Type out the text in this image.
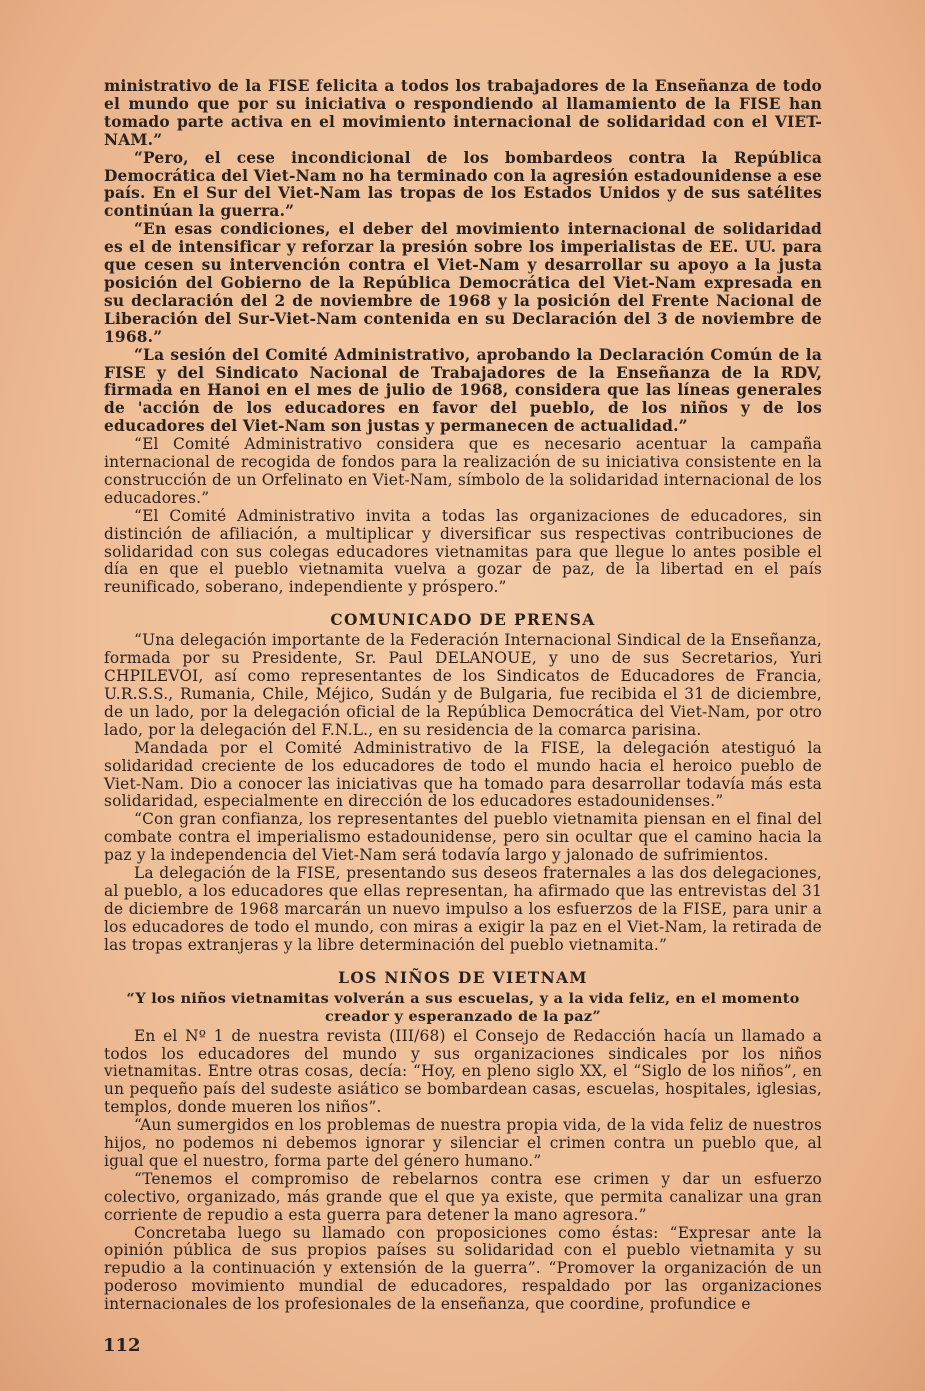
ministrativo de la FISE felicita a todos los trabajadores de la Enseñanza de todo el mundo que por su iniciativa o respondiendo al llamamiento de la FISE han tomado parte activa en el movimiento internacional de solidaridad con el VIET-NAM.”

“Pero, el cese incondicional de los bombardeos contra la República Democrática del Viet-Nam no ha terminado con la agresión estadounidense a ese país. En el Sur del Viet-Nam las tropas de los Estados Unidos y de sus satélites continúan la guerra.”

“En esas condiciones, el deber del movimiento internacional de solidaridad es el de intensificar y reforzar la presión sobre los imperialistas de EE. UU. para que cesen su intervención contra el Viet-Nam y desarrollar su apoyo a la justa posición del Gobierno de la República Democrática del Viet-Nam expresada en su declaración del 2 de noviembre de 1968 y la posición del Frente Nacional de Liberación del Sur-Viet-Nam contenida en su Declaración del 3 de noviembre de 1968.”

“La sesión del Comité Administrativo, aprobando la Declaración Común de la FISE y del Sindicato Nacional de Trabajadores de la Enseñanza de la RDV, firmada en Hanoi en el mes de julio de 1968, considera que las líneas generales de 'acción de los educadores en favor del pueblo, de los niños y de los educadores del Viet-Nam son justas y permanecen de actualidad.”

“El Comité Administrativo considera que es necesario acentuar la campaña internacional de recogida de fondos para la realización de su iniciativa consistente en la construcción de un Orfelinato en Viet-Nam, símbolo de la solidaridad internacional de los educadores.”

“El Comité Administrativo invita a todas las organizaciones de educadores, sin distinción de afiliación, a multiplicar y diversificar sus respectivas contribuciones de solidaridad con sus colegas educadores vietnamitas para que llegue lo antes posible el día en que el pueblo vietnamita vuelva a gozar de paz, de la libertad en el país reunificado, soberano, independiente y próspero.”

COMUNICADO DE PRENSA

“Una delegación importante de la Federación Internacional Sindical de la Enseñanza, formada por su Presidente, Sr. Paul DELANOUE, y uno de sus Secretarios, Yuri CHPILEVOI, así como representantes de los Sindicatos de Educadores de Francia, U.R.S.S., Rumania, Chile, Méjico, Sudán y de Bulgaria, fue recibida el 31 de diciembre, de un lado, por la delegación oficial de la República Democrática del Viet-Nam, por otro lado, por la delegación del F.N.L., en su residencia de la comarca parisina.

Mandada por el Comité Administrativo de la FISE, la delegación atestiguó la solidaridad creciente de los educadores de todo el mundo hacia el heroico pueblo de Viet-Nam. Dio a conocer las iniciativas que ha tomado para desarrollar todavía más esta solidaridad, especialmente en dirección de los educadores estadounidenses.”

“Con gran confianza, los representantes del pueblo vietnamita piensan en el final del combate contra el imperialismo estadounidense, pero sin ocultar que el camino hacia la paz y la independencia del Viet-Nam será todavía largo y jalonado de sufrimientos.

La delegación de la FISE, presentando sus deseos fraternales a las dos delegaciones, al pueblo, a los educadores que ellas representan, ha afirmado que las entrevistas del 31 de diciembre de 1968 marcarán un nuevo impulso a los esfuerzos de la FISE, para unir a los educadores de todo el mundo, con miras a exigir la paz en el Viet-Nam, la retirada de las tropas extranjeras y la libre determinación del pueblo vietnamita.”

LOS NIÑOS DE VIETNAM
“Y los niños vietnamitas volverán a sus escuelas, y a la vida feliz, en el momento creador y esperanzado de la paz”

En el Nº 1 de nuestra revista (III/68) el Consejo de Redacción hacía un llamado a todos los educadores del mundo y sus organizaciones sindicales por los niños vietnamitas. Entre otras cosas, decía: “Hoy, en pleno siglo XX, el “Siglo de los niños”, en un pequeño país del sudeste asiático se bombardean casas, escuelas, hospitales, iglesias, templos, donde mueren los niños”.

“Aun sumergidos en los problemas de nuestra propia vida, de la vida feliz de nuestros hijos, no podemos ni debemos ignorar y silenciar el crimen contra un pueblo que, al igual que el nuestro, forma parte del género humano.”

“Tenemos el compromiso de rebelarnos contra ese crimen y dar un esfuerzo colectivo, organizado, más grande que el que ya existe, que permita canalizar una gran corriente de repudio a esta guerra para detener la mano agresora.”

Concretaba luego su llamado con proposiciones como éstas: “Expresar ante la opinión pública de sus propios países su solidaridad con el pueblo vietnamita y su repudio a la continuación y extensión de la guerra”. “Promover la organización de un poderoso movimiento mundial de educadores, respaldado por las organizaciones internacionales de los profesionales de la enseñanza, que coordine, profundice e

112
